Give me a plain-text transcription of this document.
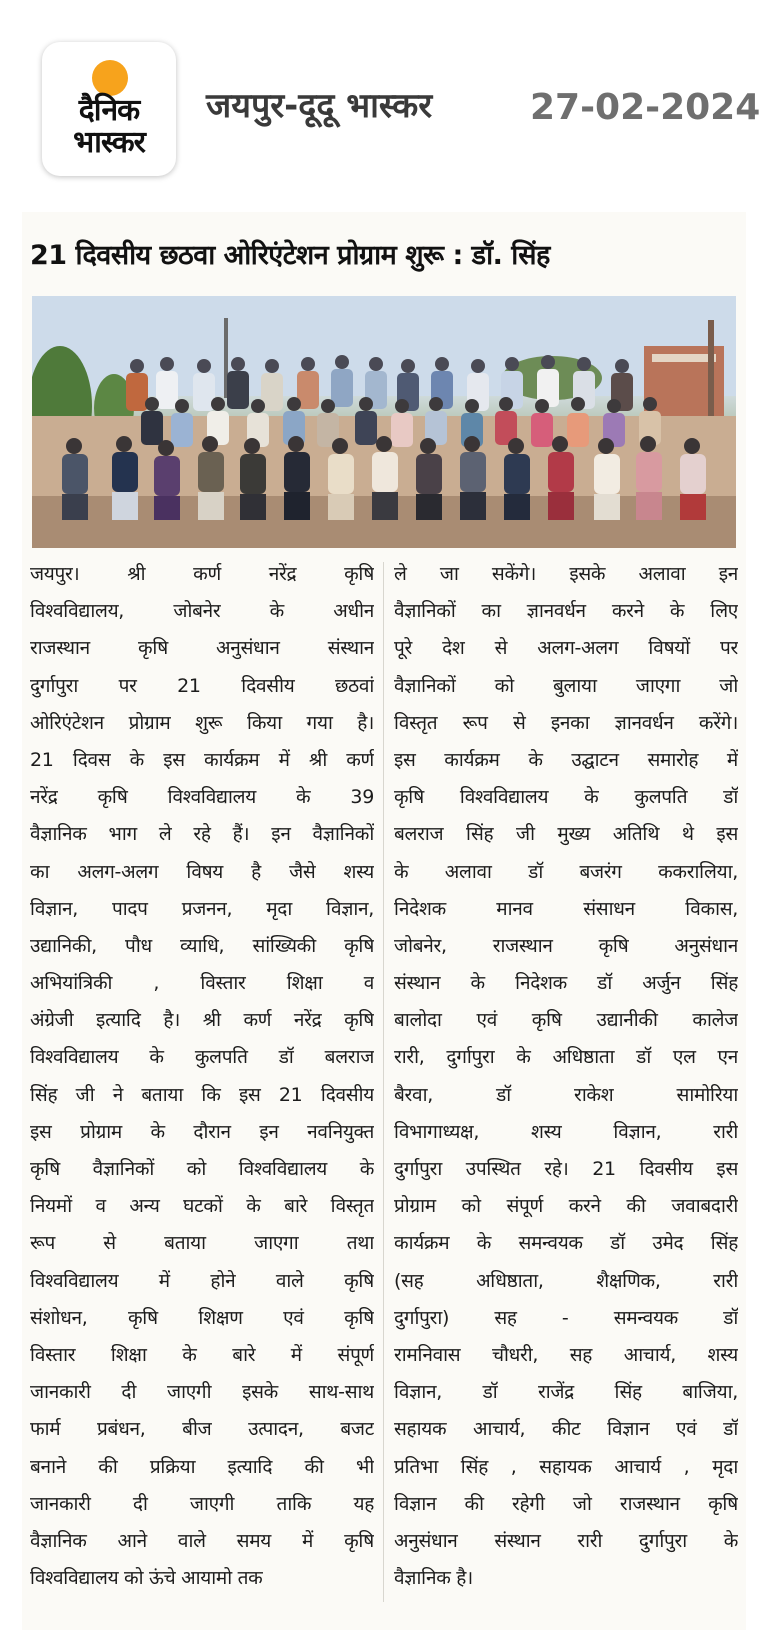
दैनिक
भास्कर
जयपुर-दूदू भास्कर	27-02-2024
21 दिवसीय छठवा ओरिएंटेशन प्रोग्राम शुरू : डॉ. सिंह
जयपुर। श्री कर्ण नरेंद्र कृषि
विश्वविद्यालय, जोबनेर के अधीन
राजस्थान कृषि अनुसंधान संस्थान
दुर्गापुरा पर 21 दिवसीय छठवां
ओरिएंटेशन प्रोग्राम शुरू किया गया है।
21 दिवस के इस कार्यक्रम में श्री कर्ण
नरेंद्र कृषि विश्वविद्यालय के 39
वैज्ञानिक भाग ले रहे हैं। इन वैज्ञानिकों
का अलग-अलग विषय है जैसे शस्य
विज्ञान, पादप प्रजनन, मृदा विज्ञान,
उद्यानिकी, पौध व्याधि, सांख्यिकी कृषि
अभियांत्रिकी , विस्तार शिक्षा व
अंग्रेजी इत्यादि है। श्री कर्ण नरेंद्र कृषि
विश्वविद्यालय के कुलपति डॉ बलराज
सिंह जी ने बताया कि इस 21 दिवसीय
इस प्रोग्राम के दौरान इन नवनियुक्त
कृषि वैज्ञानिकों को विश्वविद्यालय के
नियमों व अन्य घटकों के बारे विस्तृत
रूप से बताया जाएगा तथा
विश्वविद्यालय में होने वाले कृषि
संशोधन, कृषि शिक्षण एवं कृषि
विस्तार शिक्षा के बारे में संपूर्ण
जानकारी दी जाएगी इसके साथ-साथ
फार्म प्रबंधन, बीज उत्पादन, बजट
बनाने की प्रक्रिया इत्यादि की भी
जानकारी दी जाएगी ताकि यह
वैज्ञानिक आने वाले समय में कृषि
विश्वविद्यालय को ऊंचे आयामो तक
ले जा सकेंगे। इसके अलावा इन
वैज्ञानिकों का ज्ञानवर्धन करने के लिए
पूरे देश से अलग-अलग विषयों पर
वैज्ञानिकों को बुलाया जाएगा जो
विस्तृत रूप से इनका ज्ञानवर्धन करेंगे।
इस कार्यक्रम के उद्घाटन समारोह में
कृषि विश्वविद्यालय के कुलपति डॉ
बलराज सिंह जी मुख्य अतिथि थे इस
के अलावा डॉ बजरंग ककरालिया,
निदेशक मानव संसाधन विकास,
जोबनेर, राजस्थान कृषि अनुसंधान
संस्थान के निदेशक डॉ अर्जुन सिंह
बालोदा एवं कृषि उद्यानीकी कालेज
रारी, दुर्गापुरा के अधिष्ठाता डॉ एल एन
बैरवा, डॉ राकेश सामोरिया
विभागाध्यक्ष, शस्य विज्ञान, रारी
दुर्गापुरा उपस्थित रहे। 21 दिवसीय इस
प्रोग्राम को संपूर्ण करने की जवाबदारी
कार्यक्रम के समन्वयक डॉ उमेद सिंह
(सह अधिष्ठाता, शैक्षणिक, रारी
दुर्गापुरा) सह - समन्वयक डॉ
रामनिवास चौधरी, सह आचार्य, शस्य
विज्ञान, डॉ राजेंद्र सिंह बाजिया,
सहायक आचार्य, कीट विज्ञान एवं डॉ
प्रतिभा सिंह , सहायक आचार्य , मृदा
विज्ञान की रहेगी जो राजस्थान कृषि
अनुसंधान संस्थान रारी दुर्गापुरा के
वैज्ञानिक है।
